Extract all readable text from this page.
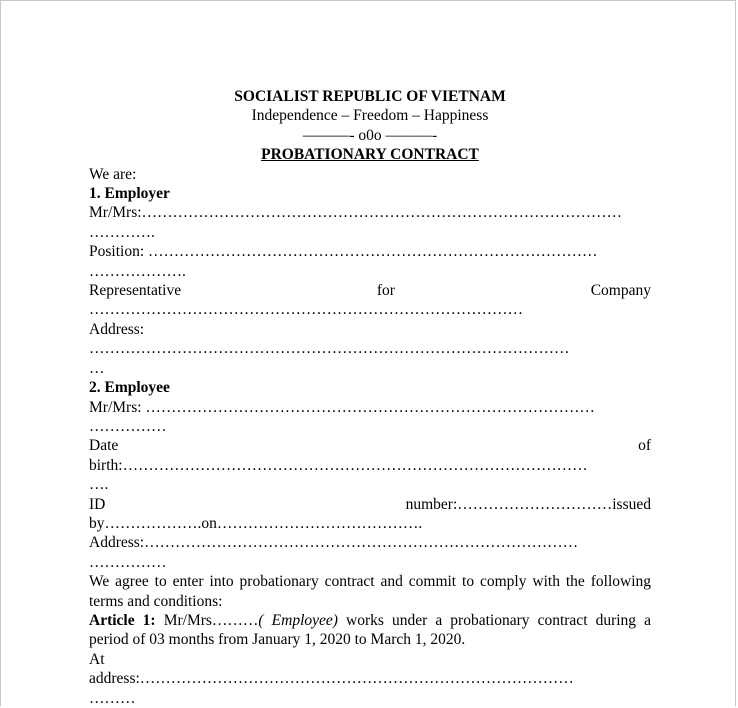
SOCIALIST REPUBLIC OF VIETNAM

Independence – Freedom – Happiness

———- o0o ———-

PROBATIONARY CONTRACT

We are:

1. Employer

Mr/Mrs:…………………………………………………………………………………

………….

Position: ……………………………………………………………………………

……………….

Representative	for	Company

…………………………………………………………………………

Address:

…………………………………………………………………………………

…

2. Employee

Mr/Mrs: ……………………………………………………………………………

……………

Date	of

birth:………………………………………………………………………………

….

ID	number:…………………………issued

by……………….on………………………………….

Address:…………………………………………………………………………

……………

We agree to enter into probationary contract and commit to comply with the following terms and conditions:

Article 1: Mr/Mrs………( Employee) works under a probationary contract during a period of 03 months from January 1, 2020 to March 1, 2020.

At

address:…………………………………………………………………………

………
